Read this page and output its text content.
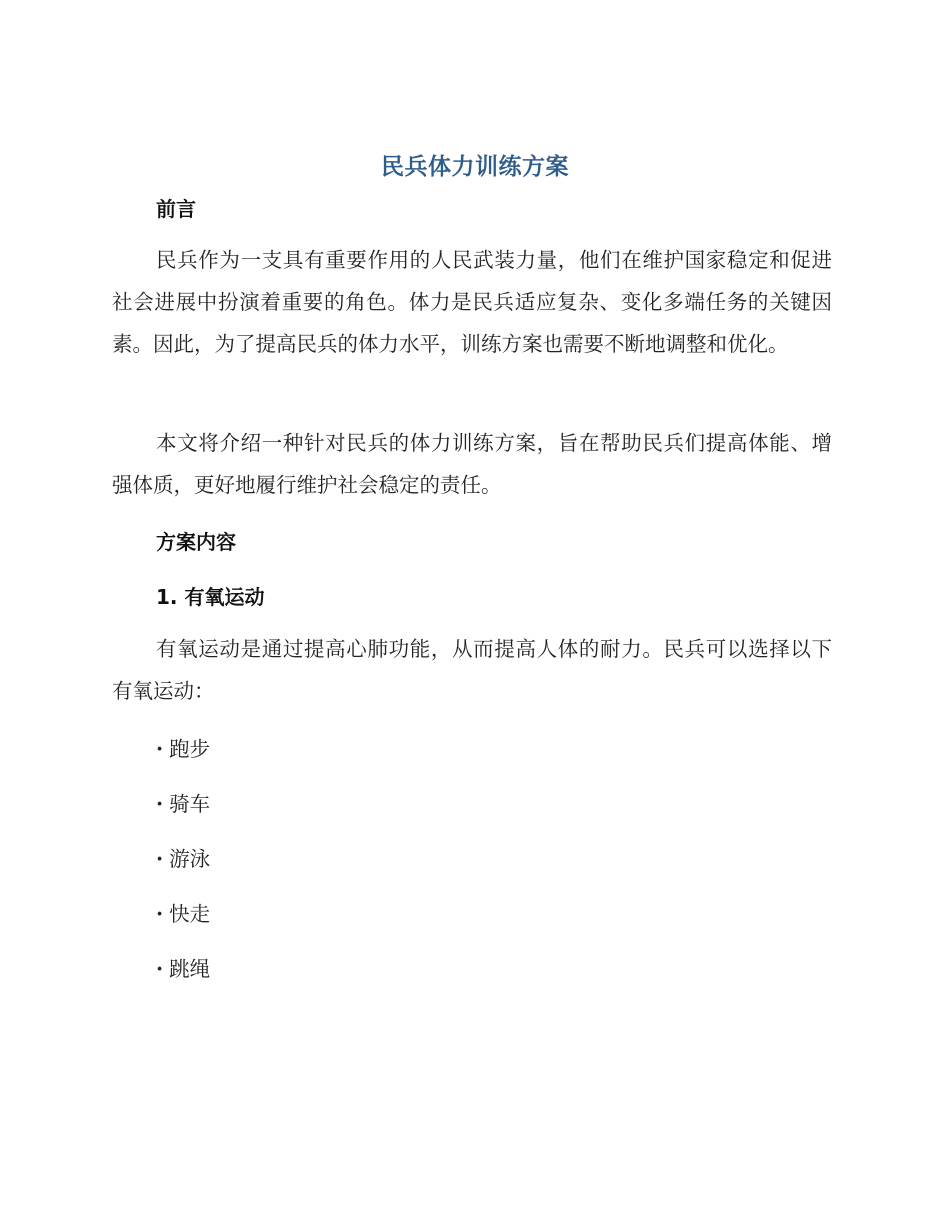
民兵体力训练方案
前言
民兵作为一支具有重要作用的人民武装力量，他们在维护国家稳定和促进社会进展中扮演着重要的角色。体力是民兵适应复杂、变化多端任务的关键因素。因此，为了提高民兵的体力水平，训练方案也需要不断地调整和优化。
本文将介绍一种针对民兵的体力训练方案，旨在帮助民兵们提高体能、增强体质，更好地履行维护社会稳定的责任。
方案内容
1. 有氧运动
有氧运动是通过提高心肺功能，从而提高人体的耐力。民兵可以选择以下有氧运动：
· 跑步
· 骑车
· 游泳
· 快走
· 跳绳
